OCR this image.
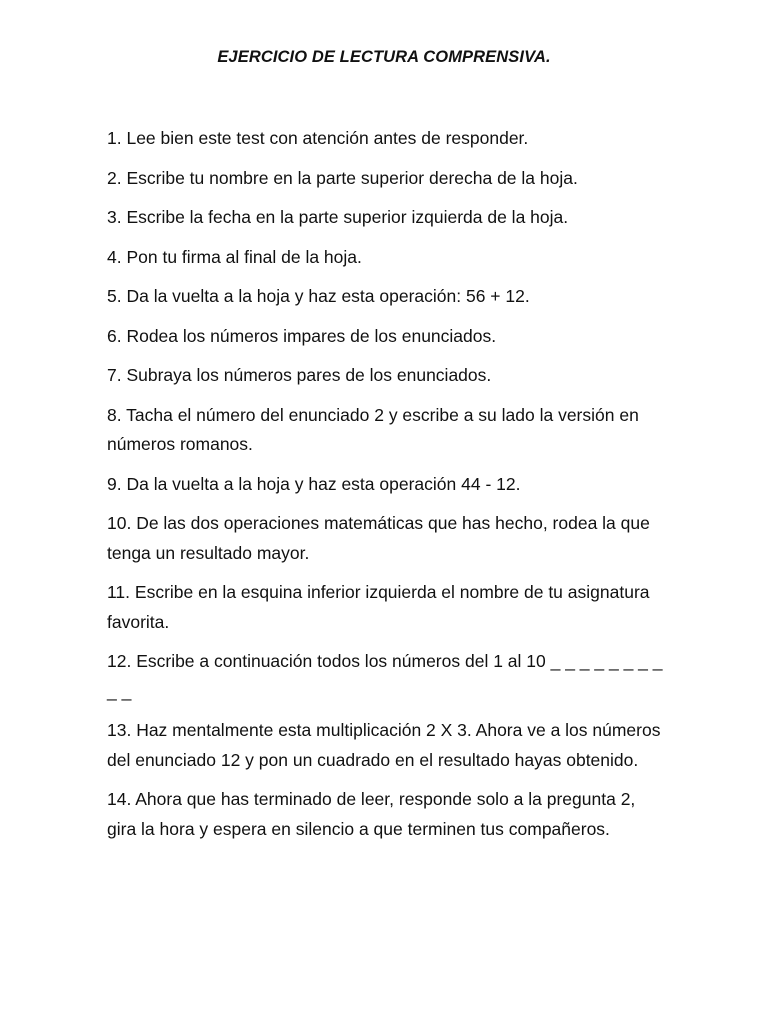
EJERCICIO DE LECTURA COMPRENSIVA.
1. Lee bien este test con atención antes de responder.
2. Escribe tu nombre en la parte superior derecha de la hoja.
3. Escribe la fecha en la parte superior izquierda de la hoja.
4. Pon tu firma al final de la hoja.
5. Da la vuelta a la hoja y haz esta operación: 56 + 12.
6. Rodea los números impares de los enunciados.
7. Subraya los números pares de los enunciados.
8. Tacha el número del enunciado 2 y escribe a su lado la versión en números romanos.
9. Da la vuelta a la hoja y haz esta operación 44 - 12.
10. De las dos operaciones matemáticas que has hecho, rodea la que tenga un resultado mayor.
11. Escribe en la esquina inferior izquierda el nombre de tu asignatura favorita.
12. Escribe a continuación todos los números del 1 al 10 _ _ _ _ _ _ _ _ _ _
13. Haz mentalmente esta multiplicación 2 X 3. Ahora ve a los números del enunciado 12 y pon un cuadrado en el resultado hayas obtenido.
14. Ahora que has terminado de leer, responde solo a la pregunta 2, gira la hora y espera en silencio a que terminen tus compañeros.
